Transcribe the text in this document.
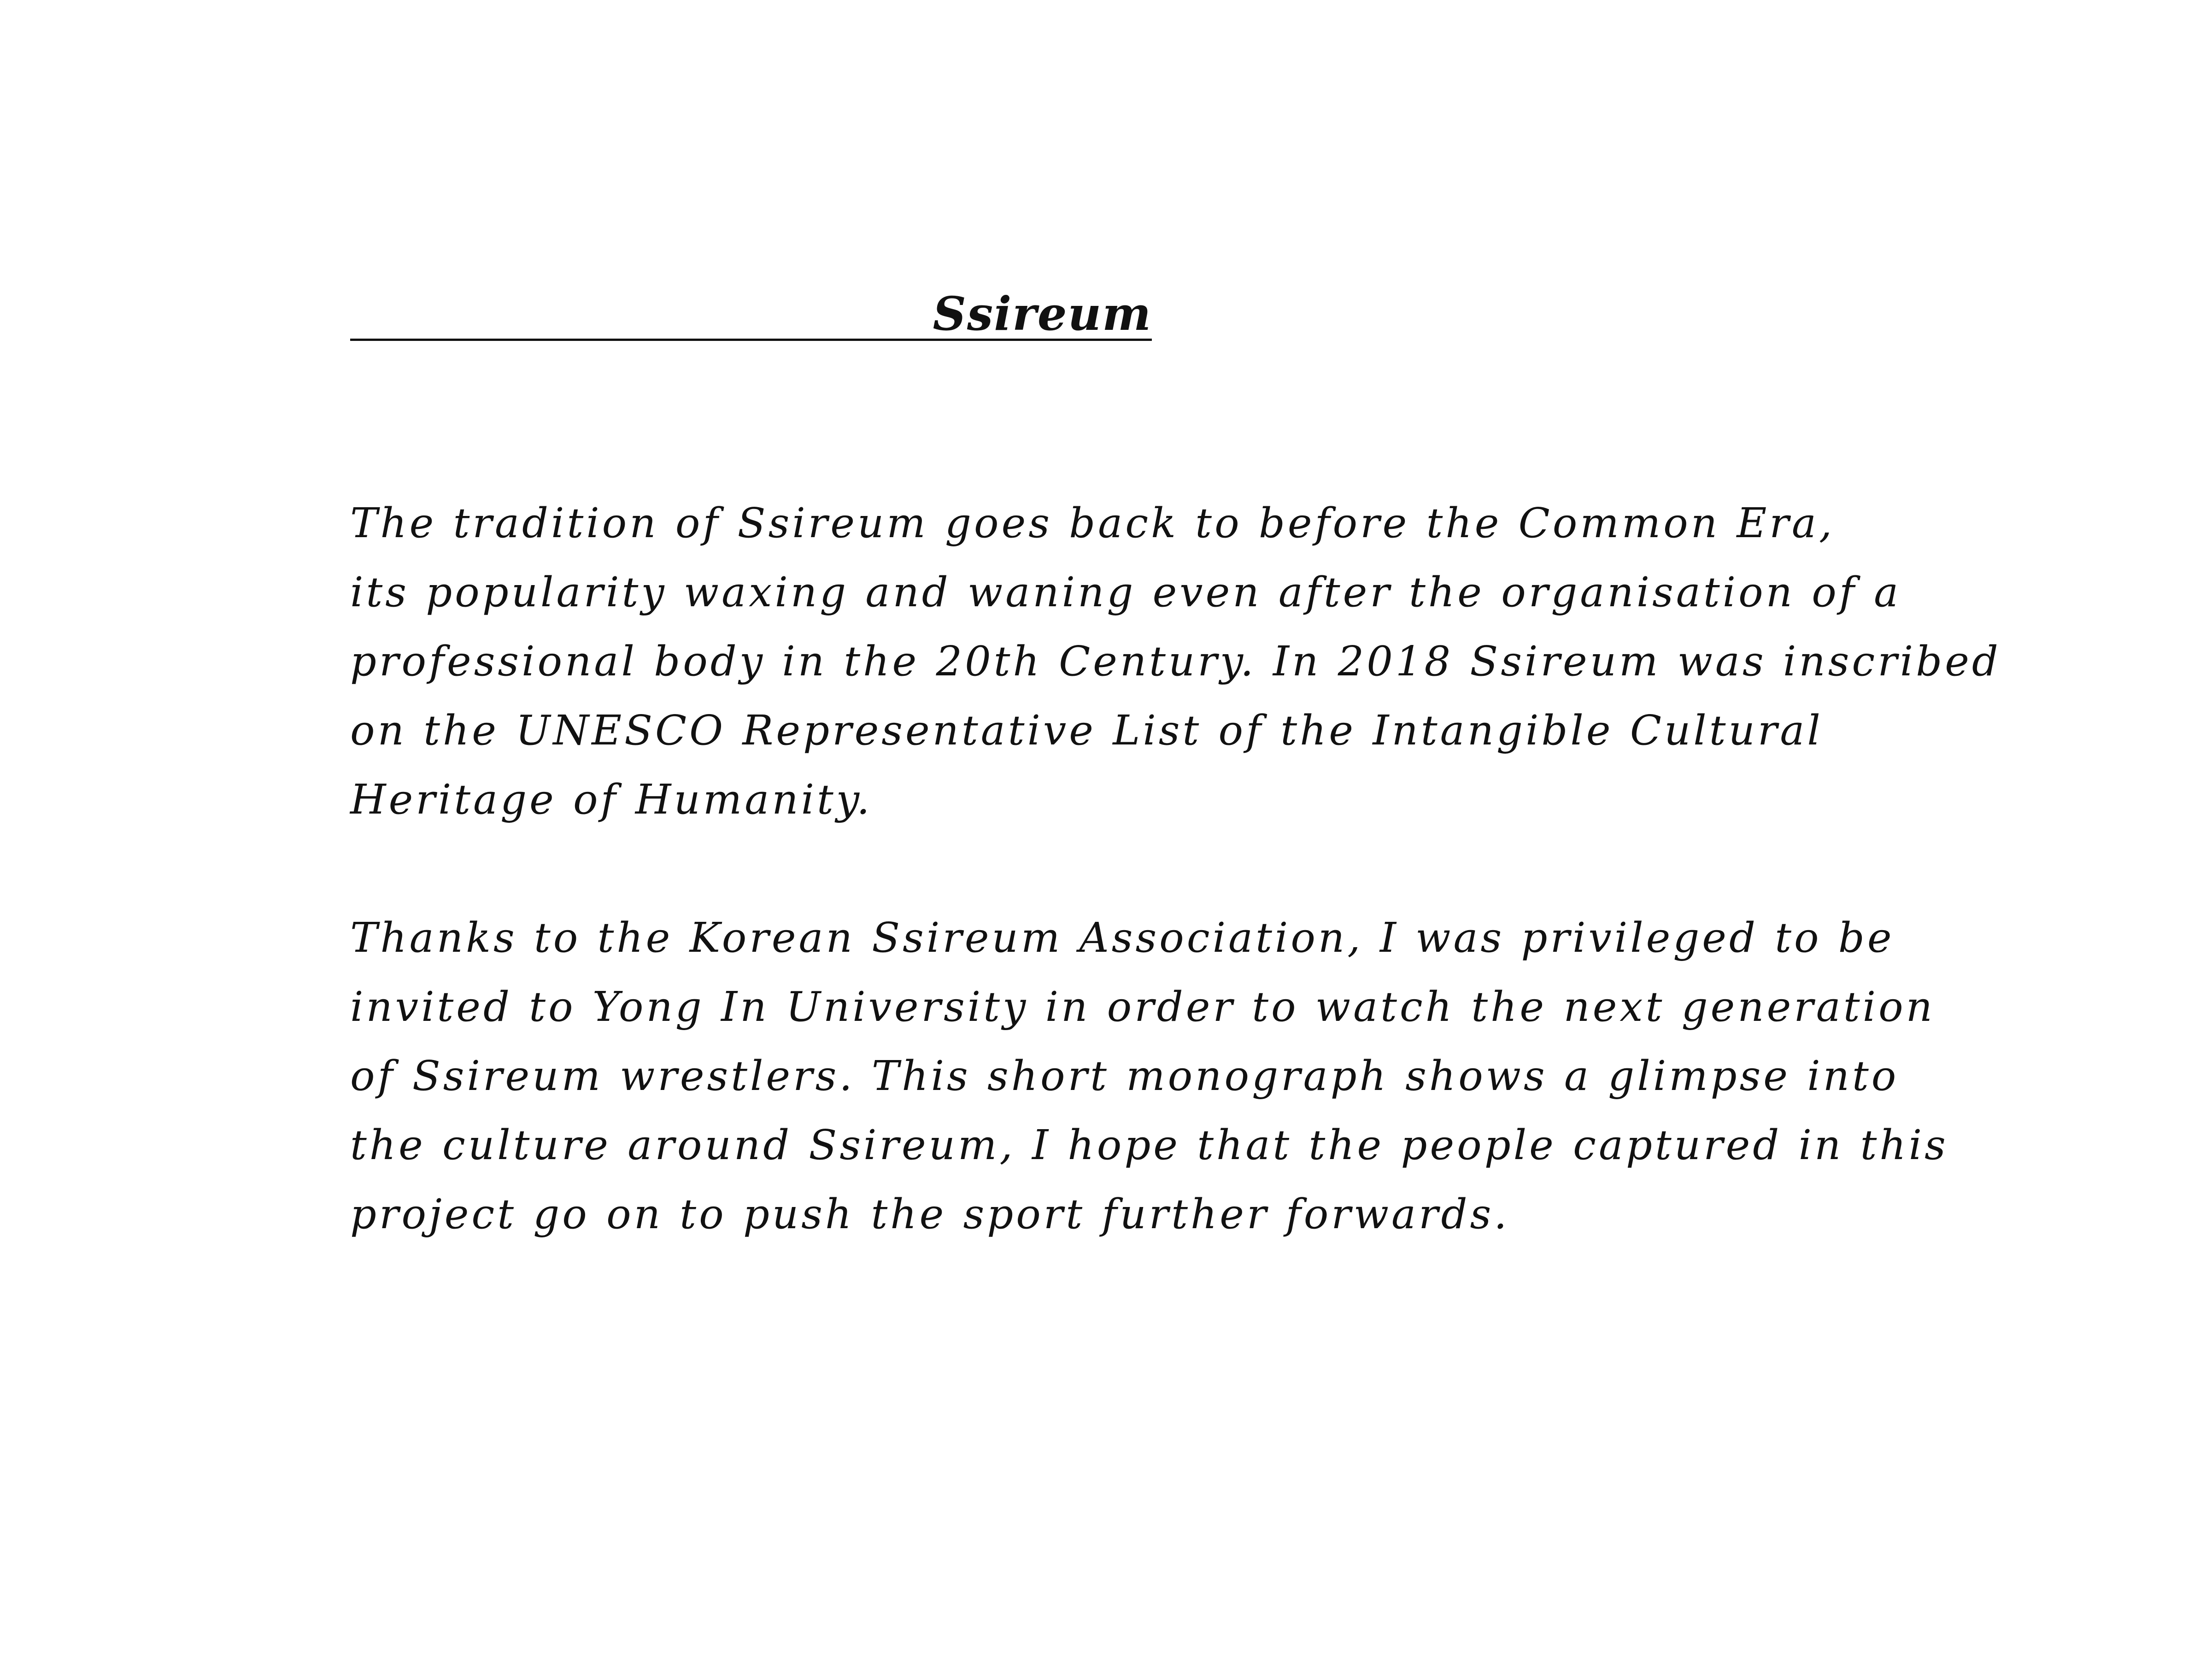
Ssireum

The tradition of Ssireum goes back to before the Common Era,
its popularity waxing and waning even after the organisation of a
professional body in the 20th Century. In 2018 Ssireum was inscribed
on the UNESCO Representative List of the Intangible Cultural
Heritage of Humanity.

Thanks to the Korean Ssireum Association, I was privileged to be
invited to Yong In University in order to watch the next generation
of Ssireum wrestlers. This short monograph shows a glimpse into
the culture around Ssireum, I hope that the people captured in this
project go on to push the sport further forwards.
